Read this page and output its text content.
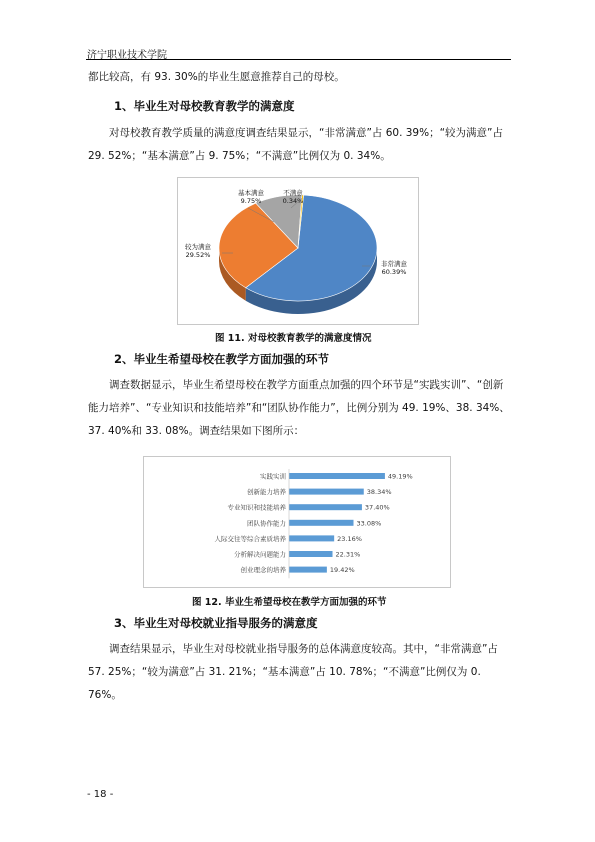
济宁职业技术学院

都比较高，有 93. 30%的毕业生愿意推荐自己的母校。

1、毕业生对母校教育教学的满意度

对母校教育教学质量的满意度调查结果显示，“非常满意”占 60. 39%；“较为满意”占 29. 52%；“基本满意”占 9. 75%；“不满意”比例仅为 0. 34%。

基本满意
9.75%
不满意
0.34%
较为满意
29.52%
非常满意
60.39%
图 11. 对母校教育教学的满意度情况
2、毕业生希望母校在教学方面加强的环节

调查数据显示，毕业生希望母校在教学方面重点加强的四个环节是“实践实训”、“创新能力培养”、“专业知识和技能培养”和“团队协作能力”，比例分别为 49. 19%、38. 34%、37. 40%和 33. 08%。调查结果如下图所示：

实践实训	49.19%
创新能力培养	38.34%
专业知识和技能培养	37.40%
团队协作能力	33.08%
人际交往等综合素质培养	23.16%
分析解决问题能力	22.31%
创业理念的培养	19.42%
图 12. 毕业生希望母校在教学方面加强的环节
3、毕业生对母校就业指导服务的满意度

调查结果显示，毕业生对母校就业指导服务的总体满意度较高。其中，“非常满意”占 57. 25%；“较为满意”占 31. 21%；“基本满意”占 10. 78%；“不满意”比例仅为 0. 76%。

- 18 -
